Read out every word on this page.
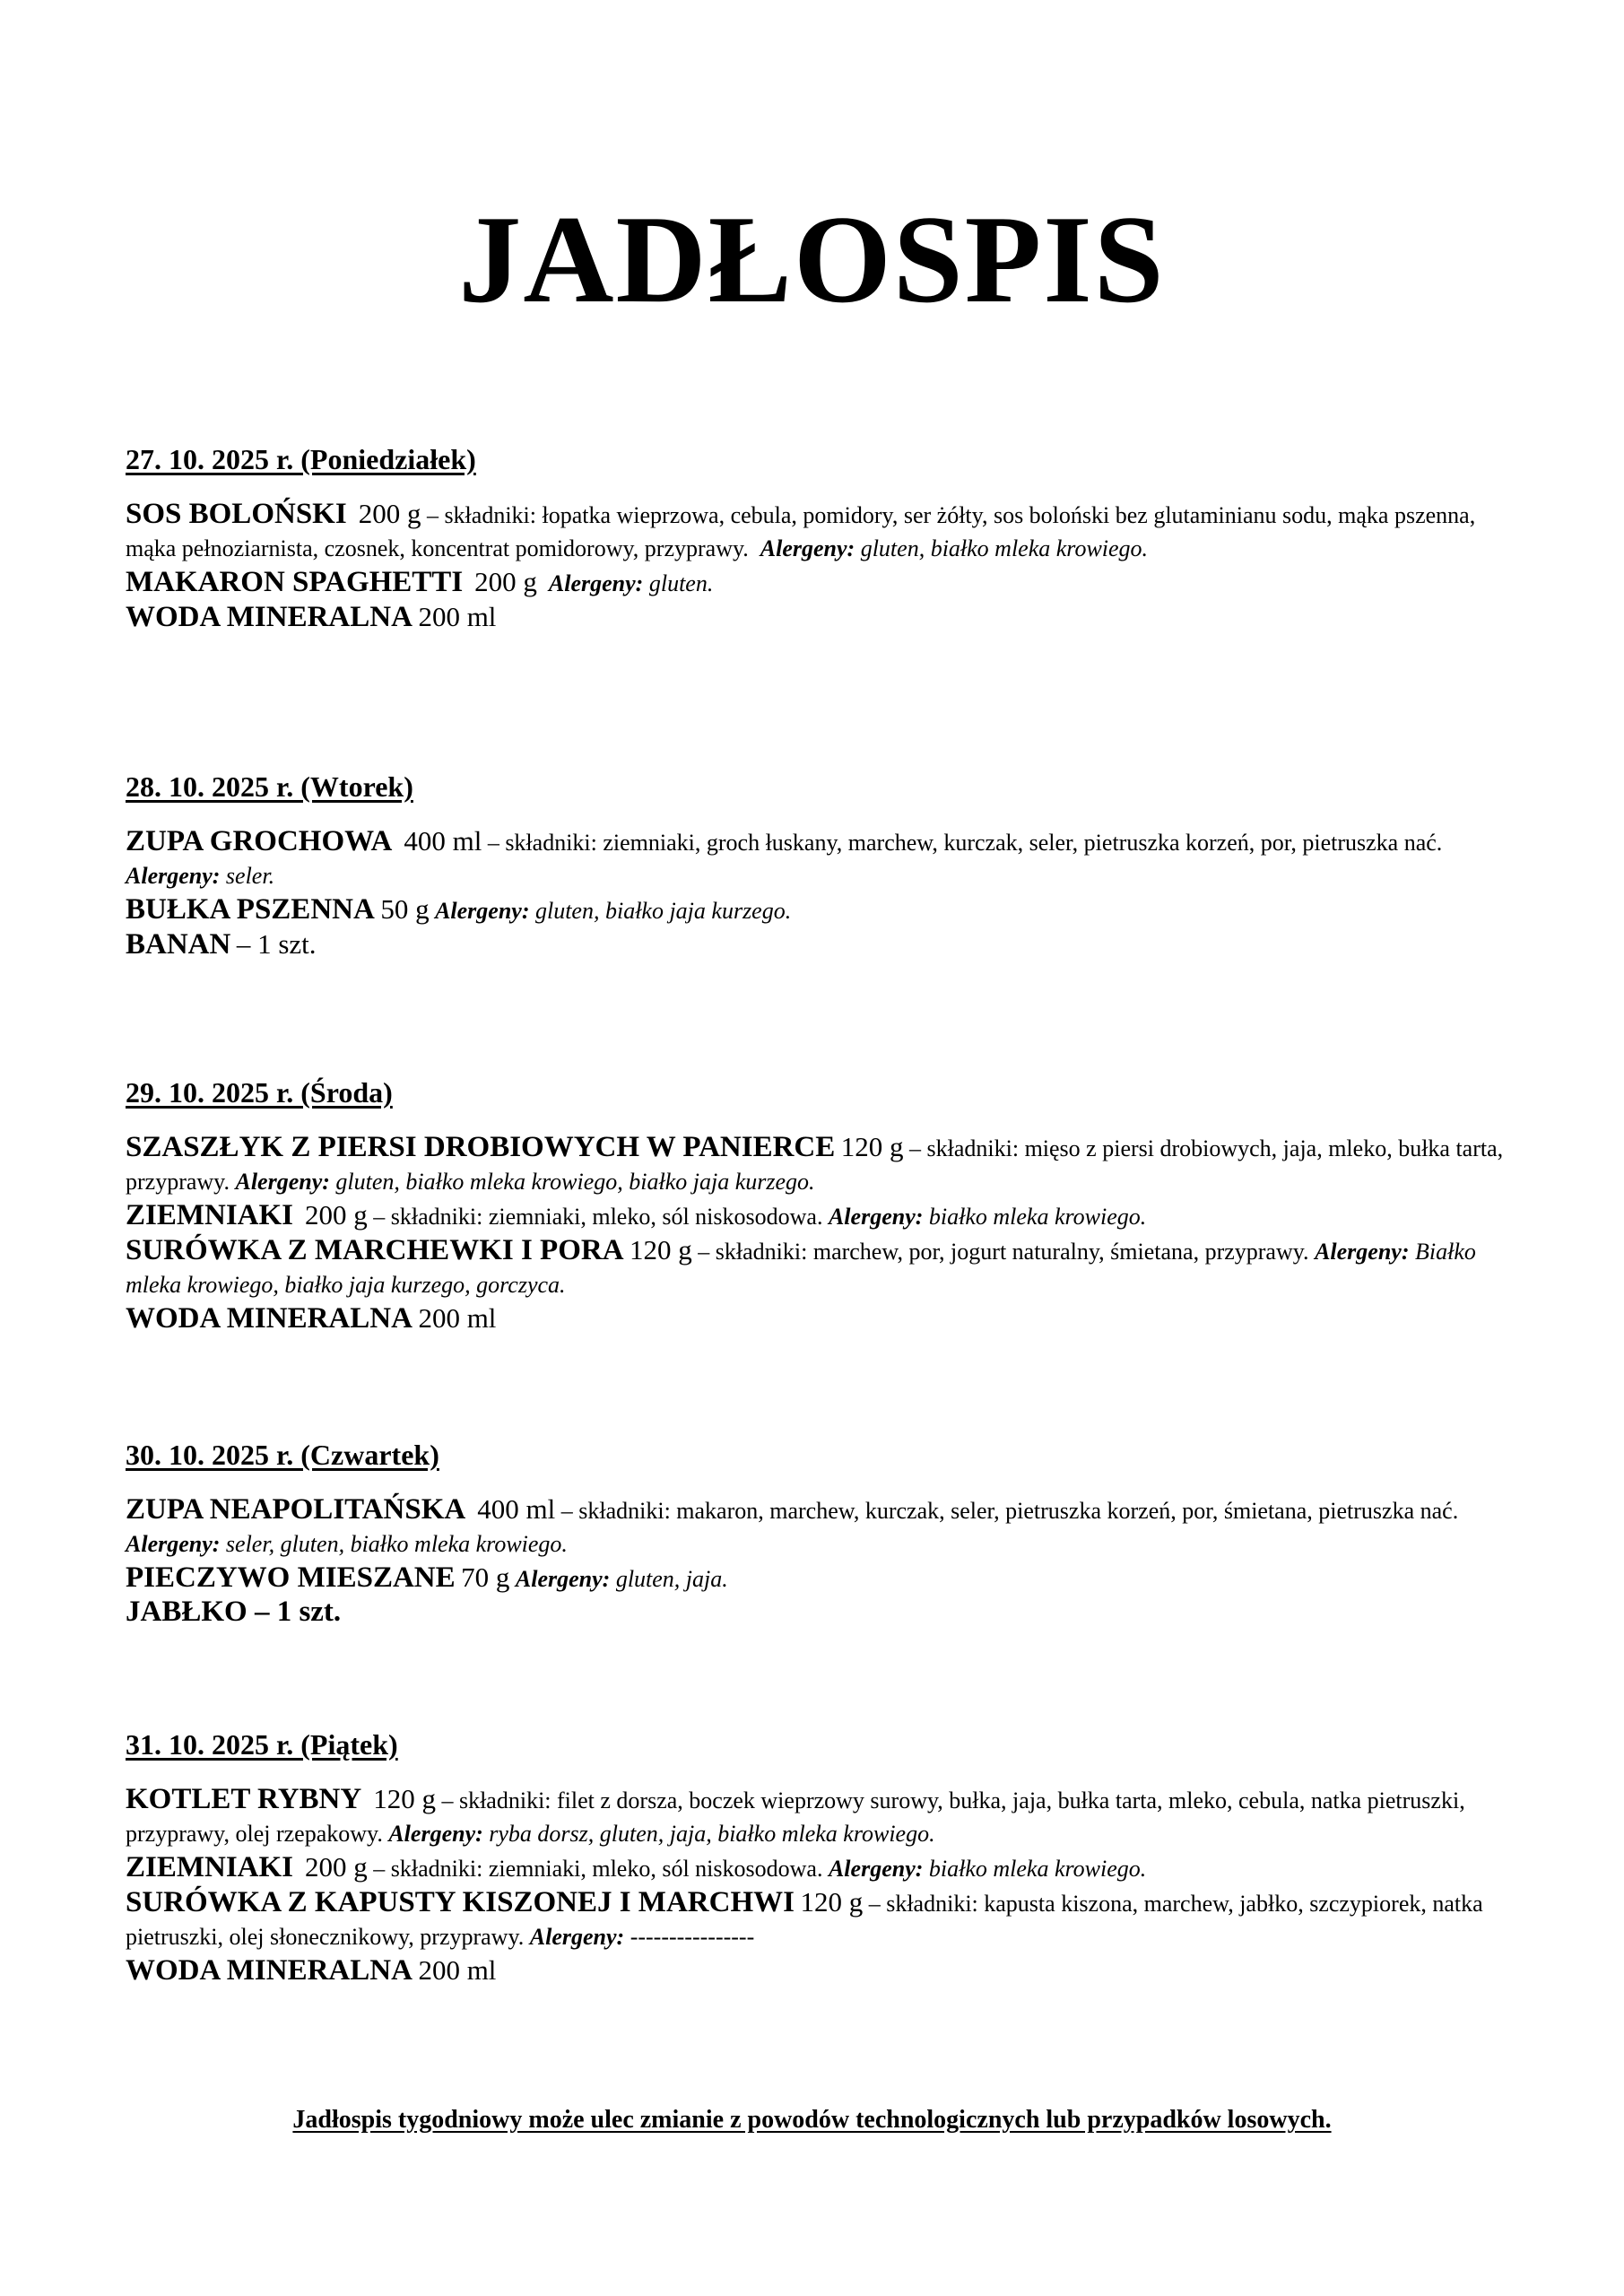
JADŁOSPIS

27. 10. 2025 r. (Poniedziałek)

SOS BOLOŃSKI 200 g – składniki: łopatka wieprzowa, cebula, pomidory, ser żółty, sos boloński bez glutaminianu sodu, mąka pszenna, mąka pełnoziarnista, czosnek, koncentrat pomidorowy, przyprawy. Alergeny: gluten, białko mleka krowiego.

MAKARON SPAGHETTI 200 g Alergeny: gluten.

WODA MINERALNA 200 ml

28. 10. 2025 r. (Wtorek)

ZUPA GROCHOWA 400 ml – składniki: ziemniaki, groch łuskany, marchew, kurczak, seler, pietruszka korzeń, por, pietruszka nać. Alergeny: seler.

BUŁKA PSZENNA 50 g Alergeny: gluten, białko jaja kurzego.

BANAN – 1 szt.

29. 10. 2025 r. (Środa)

SZASZŁYK Z PIERSI DROBIOWYCH W PANIERCE 120 g – składniki: mięso z piersi drobiowych, jaja, mleko, bułka tarta, przyprawy. Alergeny: gluten, białko mleka krowiego, białko jaja kurzego.

ZIEMNIAKI 200 g – składniki: ziemniaki, mleko, sól niskosodowa. Alergeny: białko mleka krowiego.

SURÓWKA Z MARCHEWKI I PORA 120 g – składniki: marchew, por, jogurt naturalny, śmietana, przyprawy. Alergeny: Białko mleka krowiego, białko jaja kurzego, gorczyca.

WODA MINERALNA 200 ml

30. 10. 2025 r. (Czwartek)

ZUPA NEAPOLITAŃSKA 400 ml – składniki: makaron, marchew, kurczak, seler, pietruszka korzeń, por, śmietana, pietruszka nać. Alergeny: seler, gluten, białko mleka krowiego.

PIECZYWO MIESZANE 70 g Alergeny: gluten, jaja.

JABŁKO – 1 szt.

31. 10. 2025 r. (Piątek)

KOTLET RYBNY 120 g – składniki: filet z dorsza, boczek wieprzowy surowy, bułka, jaja, bułka tarta, mleko, cebula, natka pietruszki, przyprawy, olej rzepakowy. Alergeny: ryba dorsz, gluten, jaja, białko mleka krowiego.

ZIEMNIAKI 200 g – składniki: ziemniaki, mleko, sól niskosodowa. Alergeny: białko mleka krowiego.

SURÓWKA Z KAPUSTY KISZONEJ I MARCHWI 120 g – składniki: kapusta kiszona, marchew, jabłko, szczypiorek, natka pietruszki, olej słonecznikowy, przyprawy. Alergeny: ----------------

WODA MINERALNA 200 ml

Jadłospis tygodniowy może ulec zmianie z powodów technologicznych lub przypadków losowych.
